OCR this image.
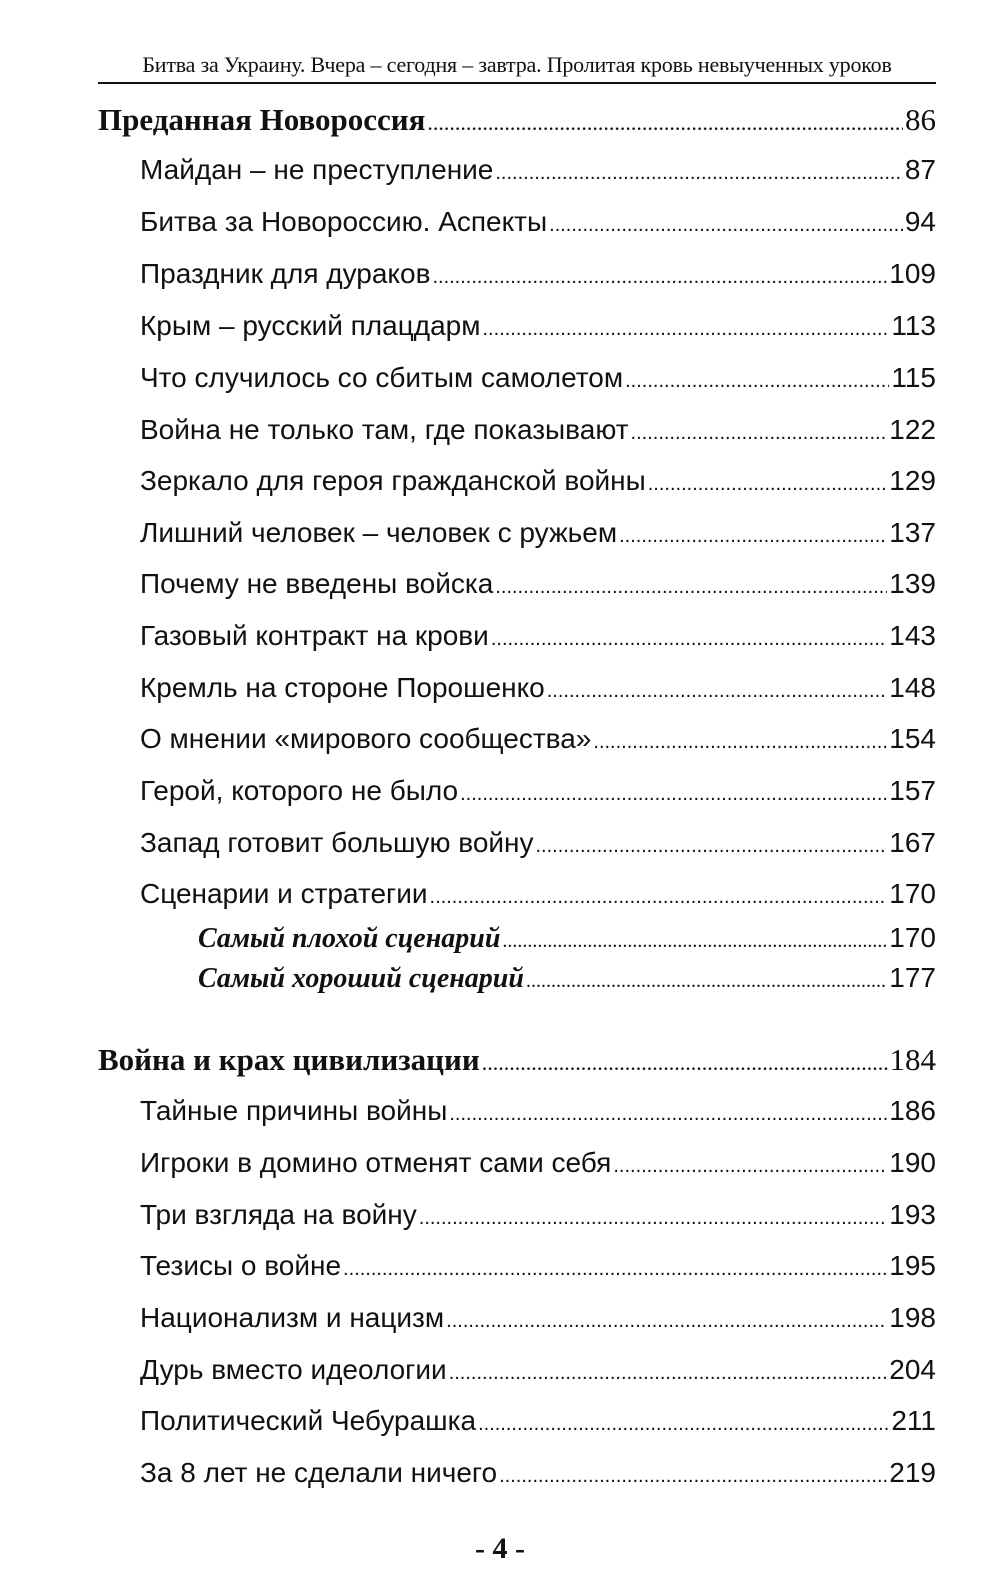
Битва за Украину. Вчера – сегодня – завтра. Пролитая кровь невыученных уроков
Преданная Новороссия .....	86
Майдан – не преступление .....	87
Битва за Новороссию. Аспекты .....	94
Праздник для дураков .....	109
Крым – русский плацдарм .....	113
Что случилось со сбитым самолетом .....	115
Война не только там, где показывают .....	122
Зеркало для героя гражданской войны .....	129
Лишний человек – человек с ружьем .....	137
Почему не введены войска .....	139
Газовый контракт на крови .....	143
Кремль на стороне Порошенко .....	148
О мнении «мирового сообщества» .....	154
Герой, которого не было .....	157
Запад готовит большую войну .....	167
Сценарии и стратегии .....	170
Самый плохой сценарий .....	170
Самый хороший сценарий .....	177
Война и крах цивилизации .....	184
Тайные причины войны .....	186
Игроки в домино отменят сами себя .....	190
Три взгляда на войну .....	193
Тезисы о войне .....	195
Национализм и нацизм .....	198
Дурь вместо идеологии .....	204
Политический Чебурашка .....	211
За 8 лет не сделали ничего .....	219
- 4 -
